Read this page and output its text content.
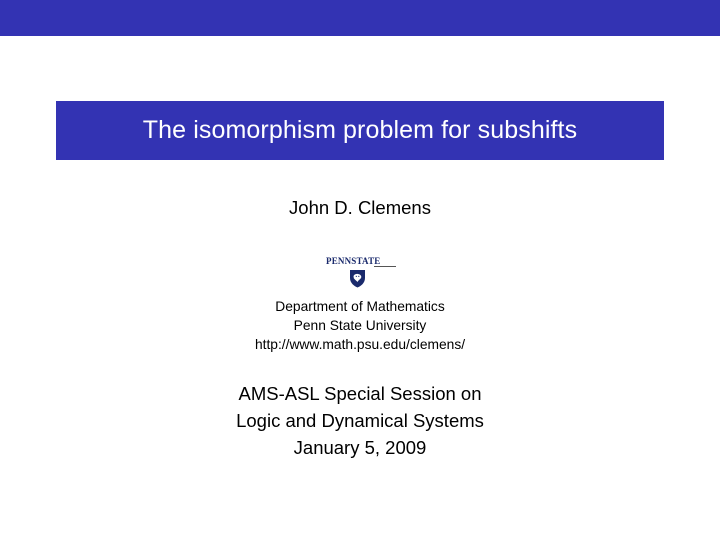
The isomorphism problem for subshifts
John D. Clemens
PENNSTATE
Department of Mathematics
Penn State University
http://www.math.psu.edu/clemens/
AMS-ASL Special Session on
Logic and Dynamical Systems
January 5, 2009
